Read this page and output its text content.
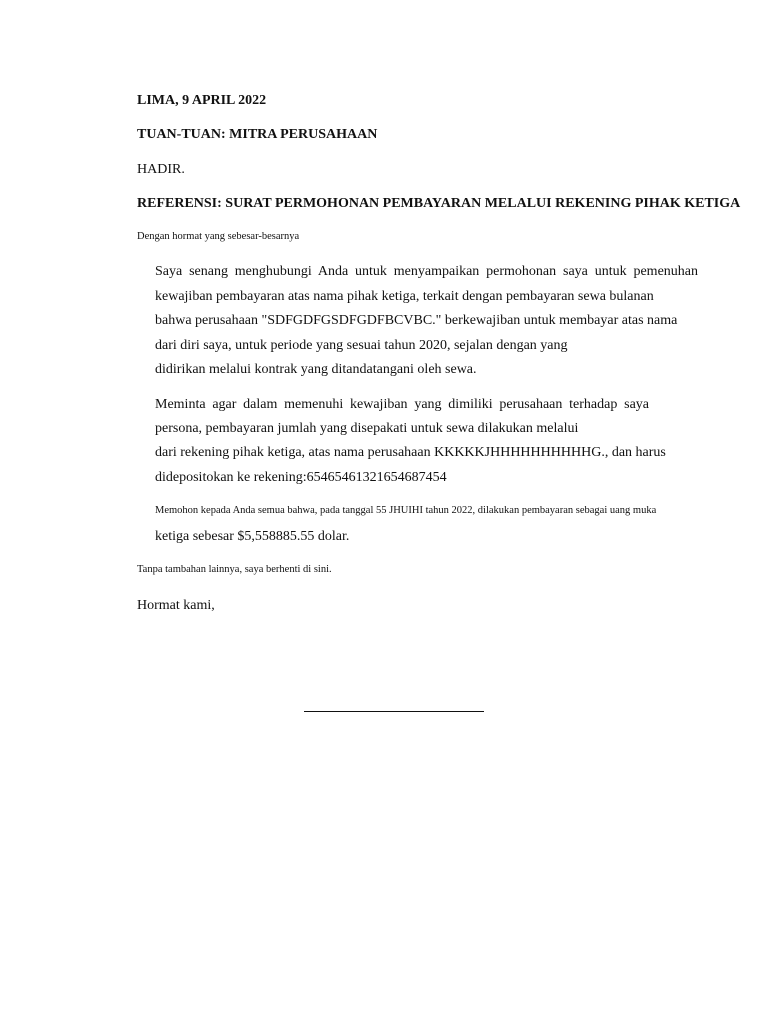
LIMA, 9 APRIL 2022
TUAN-TUAN: MITRA PERUSAHAAN
HADIR.
REFERENSI: SURAT PERMOHONAN PEMBAYARAN MELALUI REKENING PIHAK KETIGA
Dengan hormat yang sebesar-besarnya
Saya senang menghubungi Anda untuk menyampaikan permohonan saya untuk pemenuhan
kewajiban pembayaran atas nama pihak ketiga, terkait dengan pembayaran sewa bulanan
bahwa perusahaan "SDFGDFGSDFGDFBCVBC." berkewajiban untuk membayar atas nama
dari diri saya, untuk periode yang sesuai tahun 2020, sejalan dengan yang
didirikan melalui kontrak yang ditandatangani oleh sewa.
Meminta agar dalam memenuhi kewajiban yang dimiliki perusahaan terhadap saya
persona, pembayaran jumlah yang disepakati untuk sewa dilakukan melalui
dari rekening pihak ketiga, atas nama perusahaan KKKKKJHHHHHHHHHHG., dan harus
didepositokan ke rekening:65465461321654687454
Memohon kepada Anda semua bahwa, pada tanggal 55 JHUIHI tahun 2022, dilakukan pembayaran sebagai uang muka
ketiga sebesar $5,558885.55 dolar.
Tanpa tambahan lainnya, saya berhenti di sini.
Hormat kami,
